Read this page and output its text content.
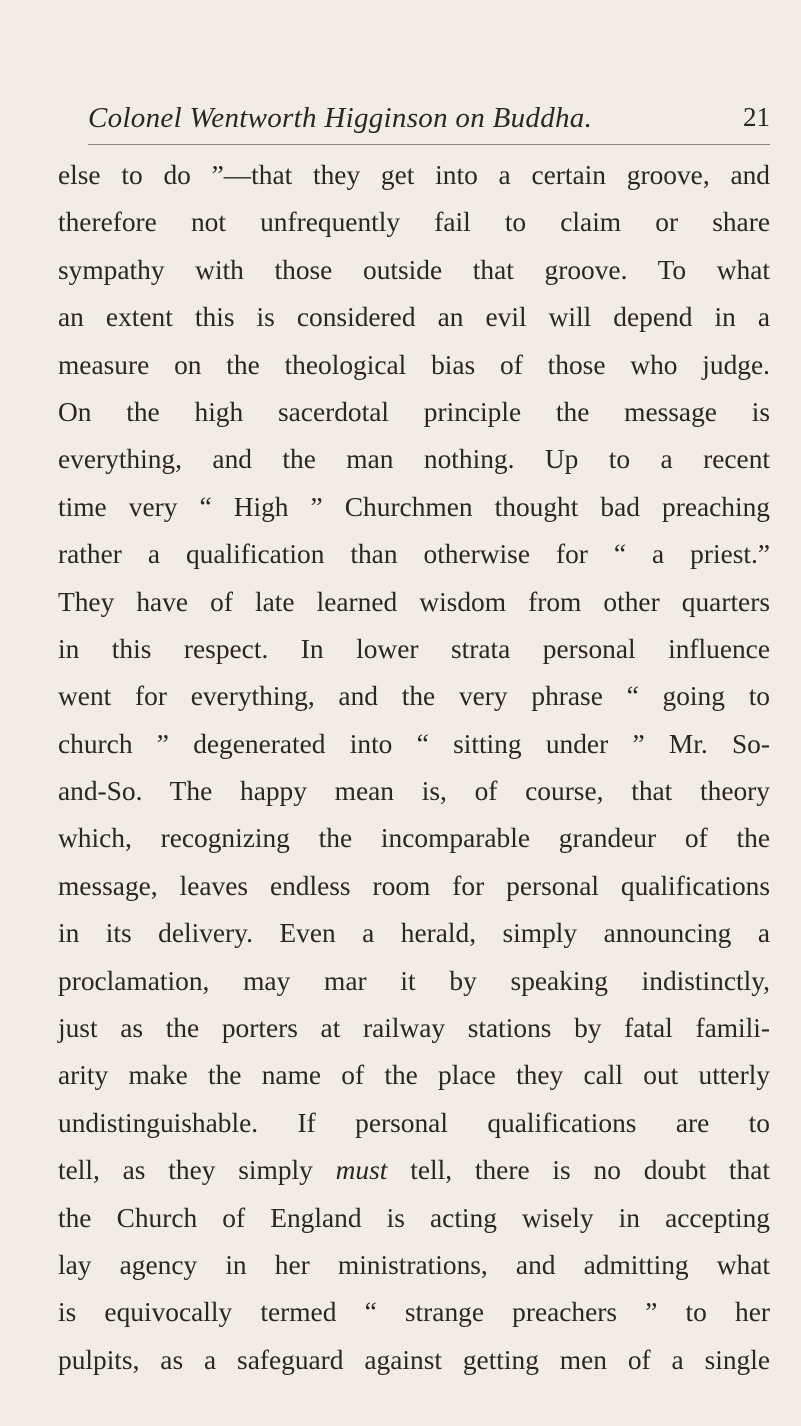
Colonel Wentworth Higginson on Buddha.	21
else to do ”—that they get into a certain groove, and
therefore not unfrequently fail to claim or share
sympathy with those outside that groove. To what
an extent this is considered an evil will depend in a
measure on the theological bias of those who judge.
On the high sacerdotal principle the message is
everything, and the man nothing. Up to a recent
time very “ High ” Churchmen thought bad preaching
rather a qualification than otherwise for “ a priest.”
They have of late learned wisdom from other quarters
in this respect. In lower strata personal influence
went for everything, and the very phrase “ going to
church ” degenerated into “ sitting under ” Mr. So-
and-So. The happy mean is, of course, that theory
which, recognizing the incomparable grandeur of the
message, leaves endless room for personal qualifications
in its delivery. Even a herald, simply announcing a
proclamation, may mar it by speaking indistinctly,
just as the porters at railway stations by fatal famili-
arity make the name of the place they call out utterly
undistinguishable. If personal qualifications are to
tell, as they simply must tell, there is no doubt that
the Church of England is acting wisely in accepting
lay agency in her ministrations, and admitting what
is equivocally termed “ strange preachers ” to her
pulpits, as a safeguard against getting men of a single
